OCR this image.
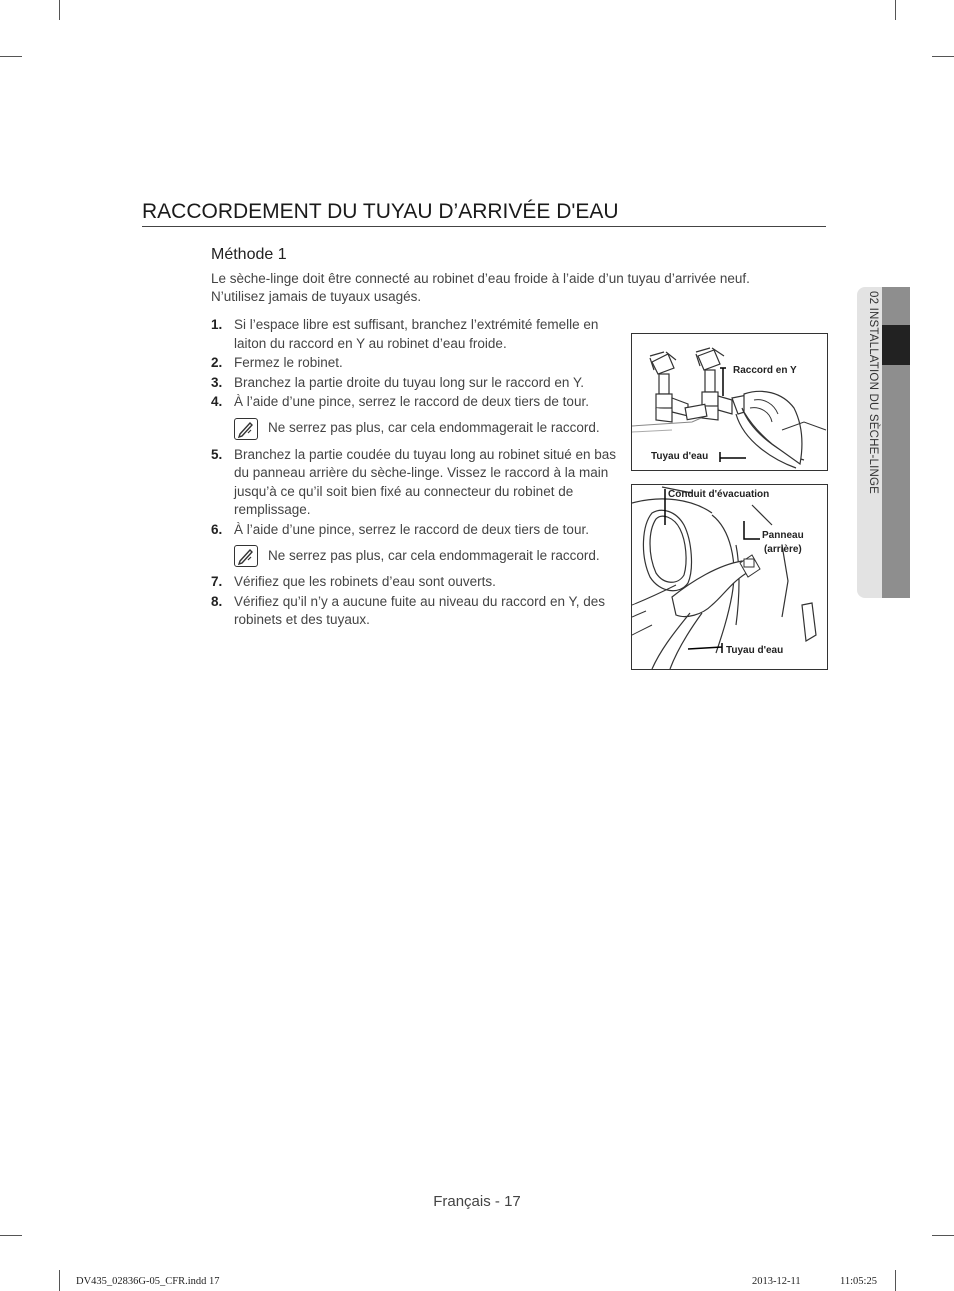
RACCORDEMENT DU TUYAU D’ARRIVÉE D'EAU
Méthode 1
Le sèche-linge doit être connecté au robinet d’eau froide à l’aide d’un tuyau d’arrivée neuf.
N’utilisez jamais de tuyaux usagés.
1. Si l’espace libre est suffisant, branchez l’extrémité femelle en laiton du raccord en Y au robinet d’eau froide.
2. Fermez le robinet.
3. Branchez la partie droite du tuyau long sur le raccord en Y.
4. À l’aide d’une pince, serrez le raccord de deux tiers de tour.
Ne serrez pas plus, car cela endommagerait le raccord.
5. Branchez la partie coudée du tuyau long au robinet situé en bas du panneau arrière du sèche-linge. Vissez le raccord à la main jusqu’à ce qu’il soit bien fixé au connecteur du robinet de remplissage.
6. À l’aide d’une pince, serrez le raccord de deux tiers de tour.
Ne serrez pas plus, car cela endommagerait le raccord.
7. Vérifiez que les robinets d’eau sont ouverts.
8. Vérifiez qu’il n’y a aucune fuite au niveau du raccord en Y, des robinets et des tuyaux.
Raccord en Y
Tuyau d'eau
Conduit d'évacuation
Panneau
(arrière)
Tuyau d'eau
02 INSTALLATION DU SÈCHE-LINGE
Français - 17
DV435_02836G-05_CFR.indd 17	2013-12-11	11:05:25
